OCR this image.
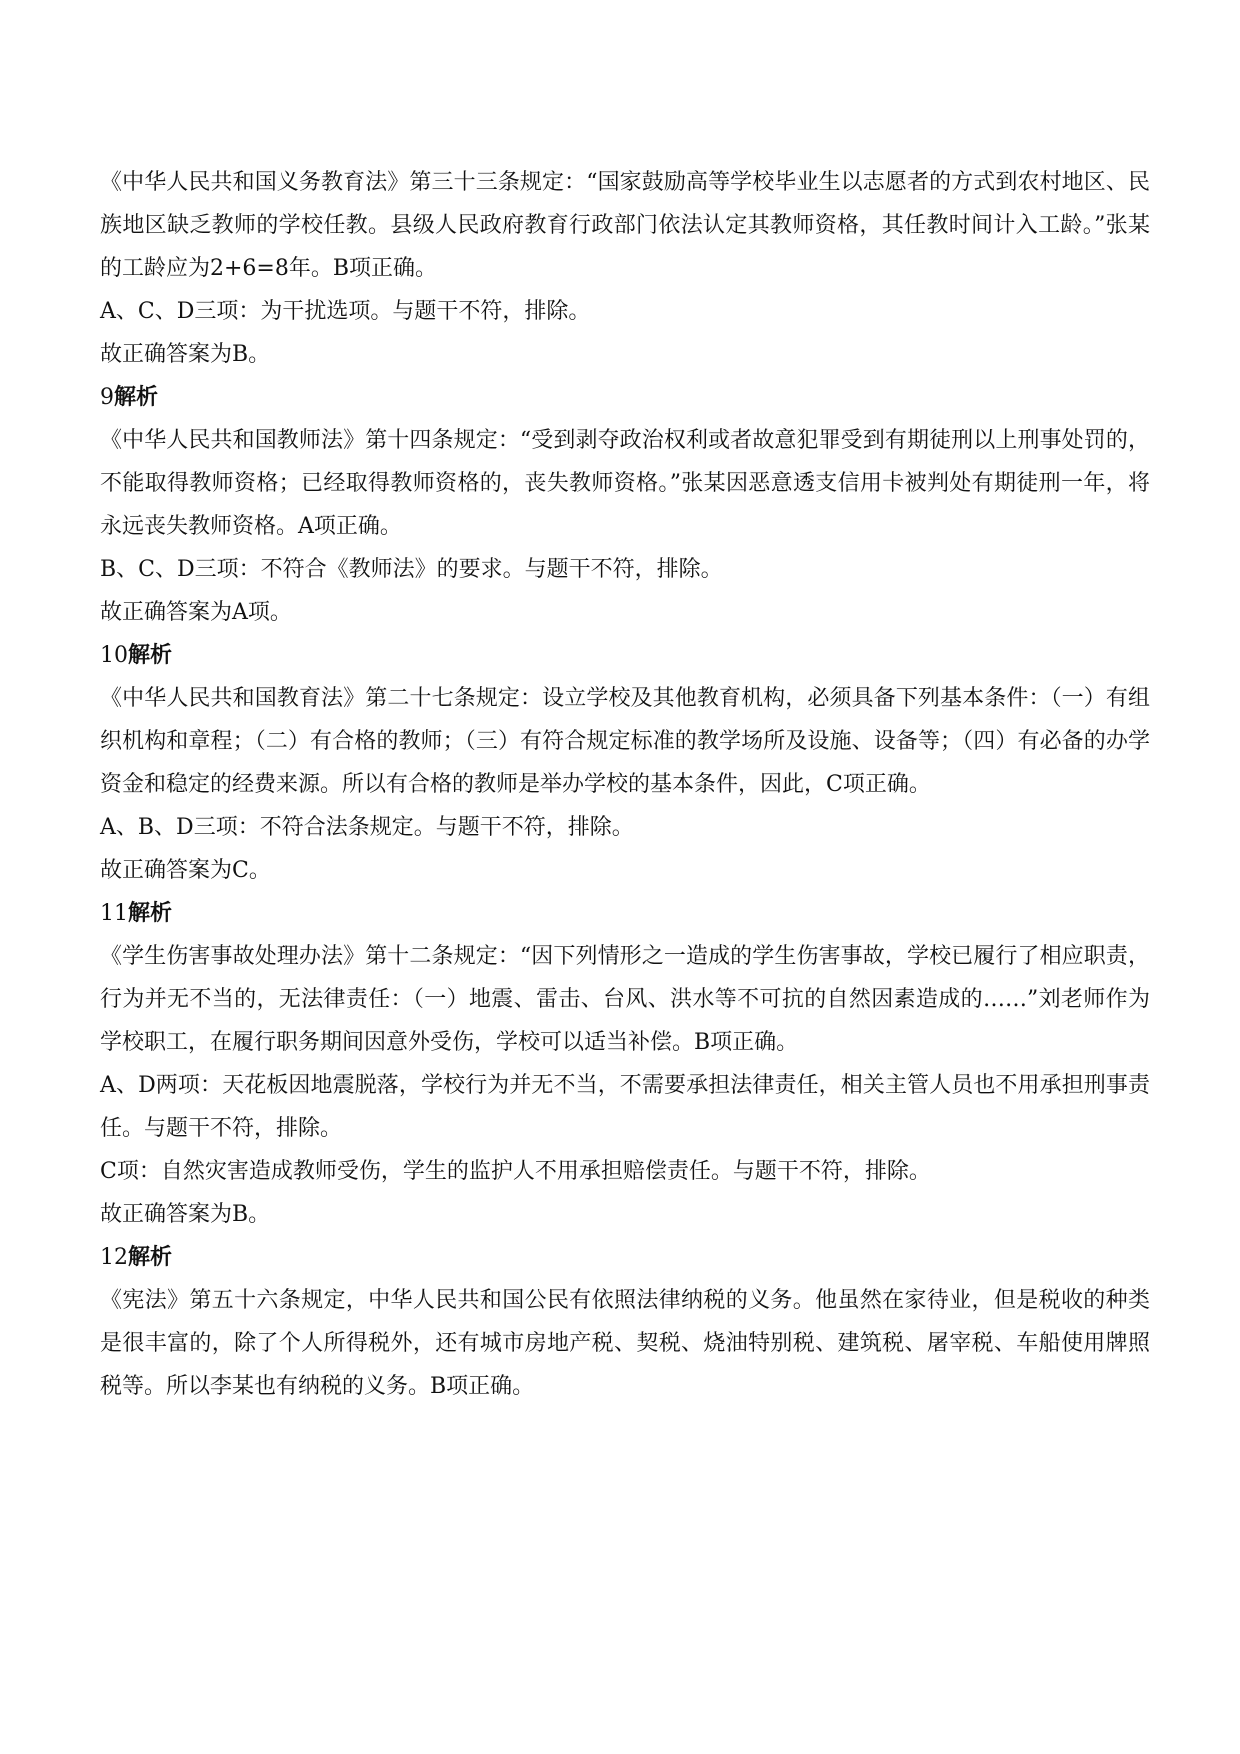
《中华人民共和国义务教育法》第三十三条规定：“国家鼓励高等学校毕业生以志愿者的方式到农村地区、民族地区缺乏教师的学校任教。县级人民政府教育行政部门依法认定其教师资格，其任教时间计入工龄。”张某的工龄应为2+6=8年。B项正确。

A、C、D三项：为干扰选项。与题干不符，排除。

故正确答案为B。

9解析

《中华人民共和国教师法》第十四条规定：“受到剥夺政治权利或者故意犯罪受到有期徒刑以上刑事处罚的，不能取得教师资格；已经取得教师资格的，丧失教师资格。”张某因恶意透支信用卡被判处有期徒刑一年，将永远丧失教师资格。A项正确。

B、C、D三项：不符合《教师法》的要求。与题干不符，排除。

故正确答案为A项。

10解析

《中华人民共和国教育法》第二十七条规定：设立学校及其他教育机构，必须具备下列基本条件：（一）有组织机构和章程；（二）有合格的教师；（三）有符合规定标准的教学场所及设施、设备等；（四）有必备的办学资金和稳定的经费来源。所以有合格的教师是举办学校的基本条件，因此，C项正确。

A、B、D三项：不符合法条规定。与题干不符，排除。

故正确答案为C。

11解析

《学生伤害事故处理办法》第十二条规定：“因下列情形之一造成的学生伤害事故，学校已履行了相应职责，行为并无不当的，无法律责任：（一）地震、雷击、台风、洪水等不可抗的自然因素造成的……”刘老师作为学校职工，在履行职务期间因意外受伤，学校可以适当补偿。B项正确。

A、D两项：天花板因地震脱落，学校行为并无不当，不需要承担法律责任，相关主管人员也不用承担刑事责任。与题干不符，排除。

C项：自然灾害造成教师受伤，学生的监护人不用承担赔偿责任。与题干不符，排除。

故正确答案为B。

12解析

《宪法》第五十六条规定，中华人民共和国公民有依照法律纳税的义务。他虽然在家待业，但是税收的种类是很丰富的，除了个人所得税外，还有城市房地产税、契税、烧油特别税、建筑税、屠宰税、车船使用牌照税等。所以李某也有纳税的义务。B项正确。
